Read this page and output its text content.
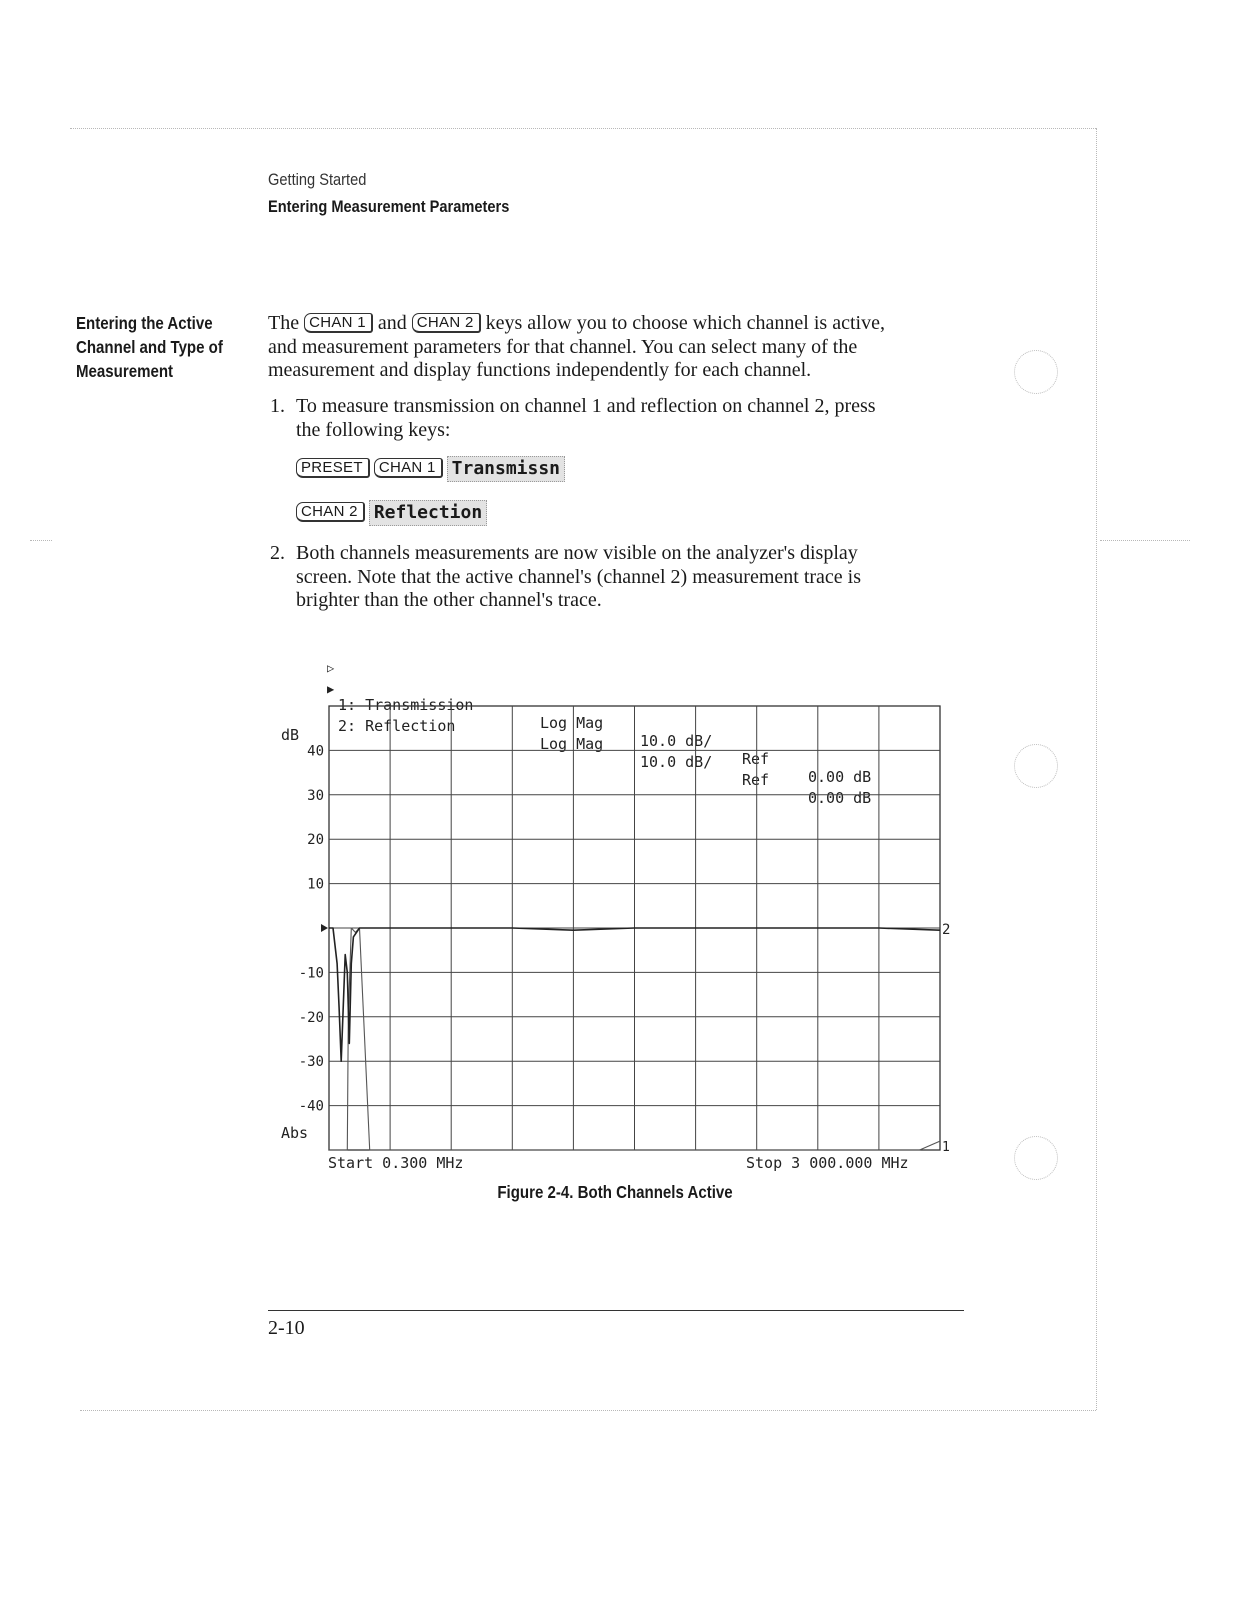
Getting Started
Entering Measurement Parameters
Entering the Active
Channel and Type of
Measurement
The CHAN 1 and CHAN 2 keys allow you to choose which channel is active,
and measurement parameters for that channel. You can select many of the
measurement and display functions independently for each channel.
1. To measure transmission on channel 1 and reflection on channel 2, press
the following keys:
PRESET CHAN 1 Transmissn
CHAN 2 Reflection
2. Both channels measurements are now visible on the analyzer's display
screen. Note that the active channel's (channel 2) measurement trace is
brighter than the other channel's trace.

▷

1: Transmission

Log Mag

10.0 dB/

Ref

0.00 dB

▶

2: Reflection

Log Mag

10.0 dB/

Ref

0.00 dB

dB
Abs
Start 0.300 MHz	Stop 3 000.000 MHz
2
1
40
30
20
10
-10
-20
-30
-40
Figure 2-4. Both Channels Active
2-10
